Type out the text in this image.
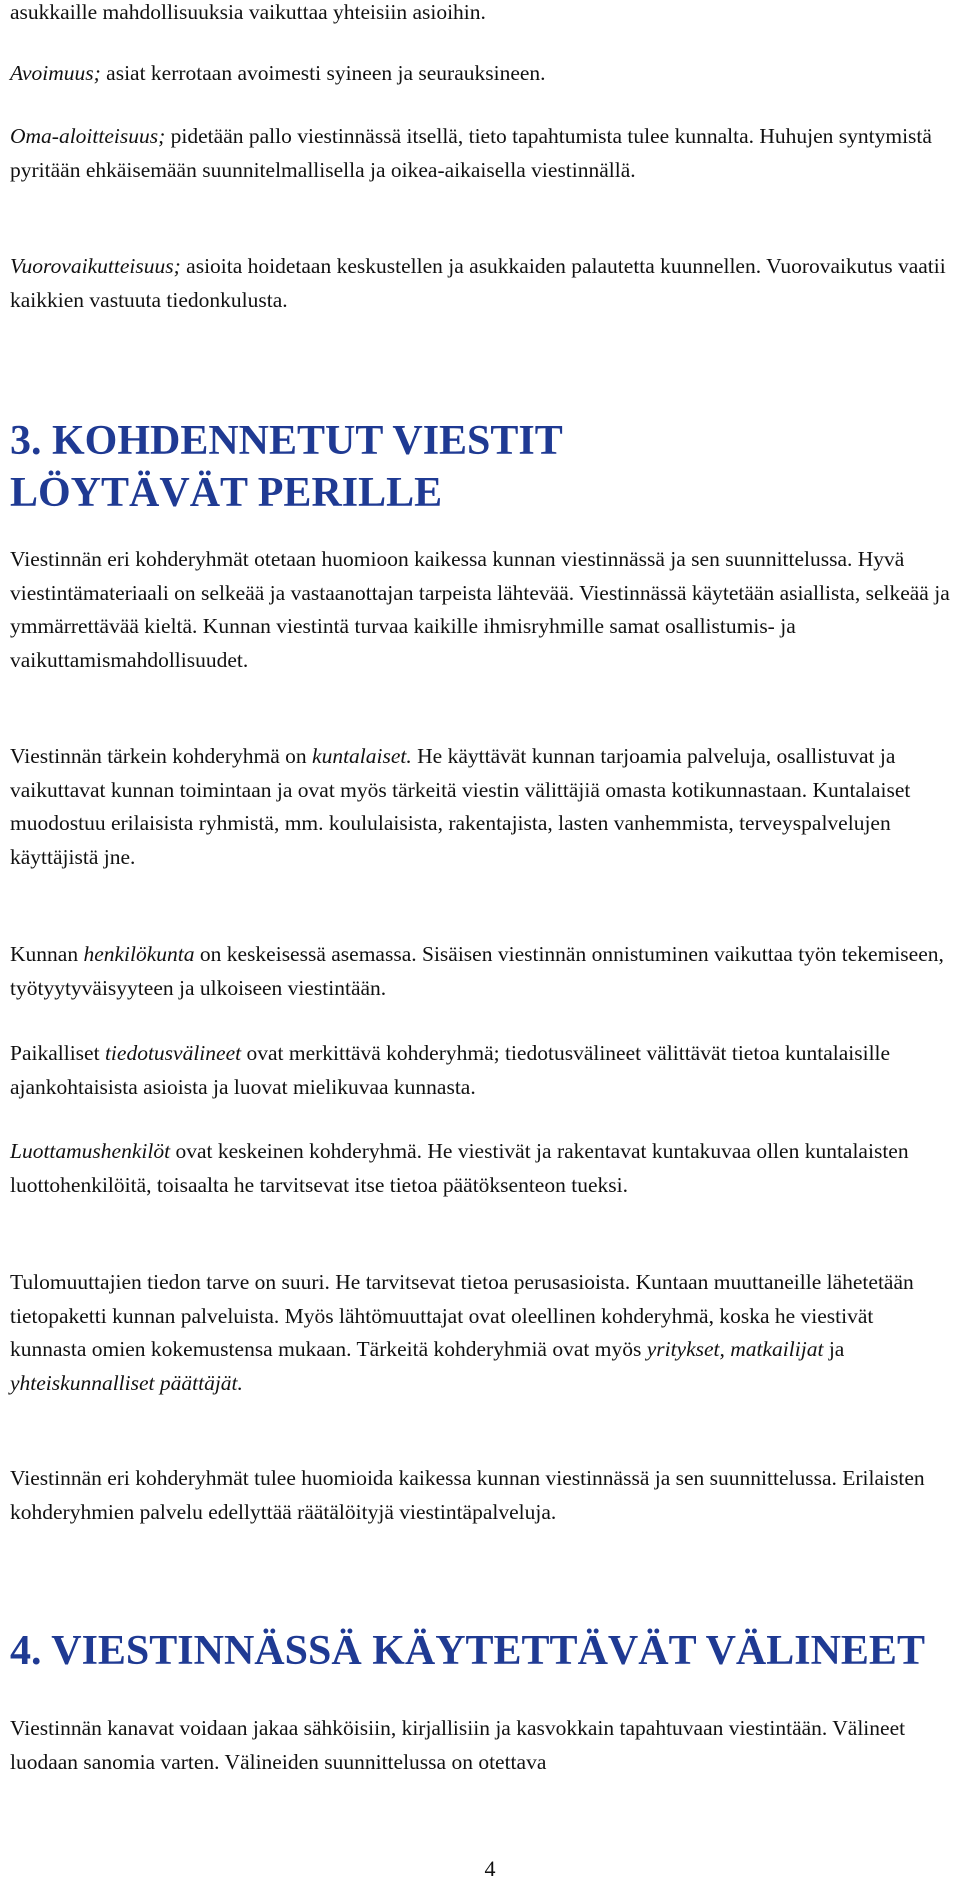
asukkaille mahdollisuuksia vaikuttaa yhteisiin asioihin.

Avoimuus; asiat kerrotaan avoimesti syineen ja seurauksineen.

Oma-aloitteisuus; pidetään pallo viestinnässä itsellä, tieto tapahtumista tulee kunnalta. Huhujen syntymistä pyritään ehkäisemään suunnitelmallisella ja oikea-aikaisella viestinnällä.

Vuorovaikutteisuus; asioita hoidetaan keskustellen ja asukkaiden palautetta kuunnellen. Vuorovaikutus vaatii kaikkien vastuuta tiedonkulusta.

3. KOHDENNETUT VIESTIT LÖYTÄVÄT PERILLE

Viestinnän eri kohderyhmät otetaan huomioon kaikessa kunnan viestinnässä ja sen suunnittelussa. Hyvä viestintämateriaali on selkeää ja vastaanottajan tarpeista lähtevää. Viestinnässä käytetään asiallista, selkeää ja ymmärrettävää kieltä. Kunnan viestintä turvaa kaikille ihmisryhmille samat osallistumis- ja vaikuttamismahdollisuudet.

Viestinnän tärkein kohderyhmä on kuntalaiset. He käyttävät kunnan tarjoamia palveluja, osallistuvat ja vaikuttavat kunnan toimintaan ja ovat myös tärkeitä viestin välittäjiä omasta kotikunnastaan. Kuntalaiset muodostuu erilaisista ryhmistä, mm. koululaisista, rakentajista, lasten vanhemmista, terveyspalvelujen käyttäjistä jne.

Kunnan henkilökunta on keskeisessä asemassa. Sisäisen viestinnän onnistuminen vaikuttaa työn tekemiseen, työtyytyväisyyteen ja ulkoiseen viestintään.

Paikalliset tiedotusvälineet ovat merkittävä kohderyhmä; tiedotusvälineet välittävät tietoa kuntalaisille ajankohtaisista asioista ja luovat mielikuvaa kunnasta.

Luottamushenkilöt ovat keskeinen kohderyhmä. He viestivät ja rakentavat kuntakuvaa ollen kuntalaisten luottohenkilöitä, toisaalta he tarvitsevat itse tietoa päätöksenteon tueksi.

Tulomuuttajien tiedon tarve on suuri. He tarvitsevat tietoa perusasioista. Kuntaan muuttaneille lähetetään tietopaketti kunnan palveluista. Myös lähtömuuttajat ovat oleellinen kohderyhmä, koska he viestivät kunnasta omien kokemustensa mukaan. Tärkeitä kohderyhmiä ovat myös yritykset, matkailijat ja yhteiskunnalliset päättäjät.

Viestinnän eri kohderyhmät tulee huomioida kaikessa kunnan viestinnässä ja sen suunnittelussa. Erilaisten kohderyhmien palvelu edellyttää räätälöityjä viestintäpalveluja.

4. VIESTINNÄSSÄ KÄYTETTÄVÄT VÄLINEET

Viestinnän kanavat voidaan jakaa sähköisiin, kirjallisiin ja kasvokkain tapahtuvaan viestintään. Välineet luodaan sanomia varten. Välineiden suunnittelussa on otettava

4
